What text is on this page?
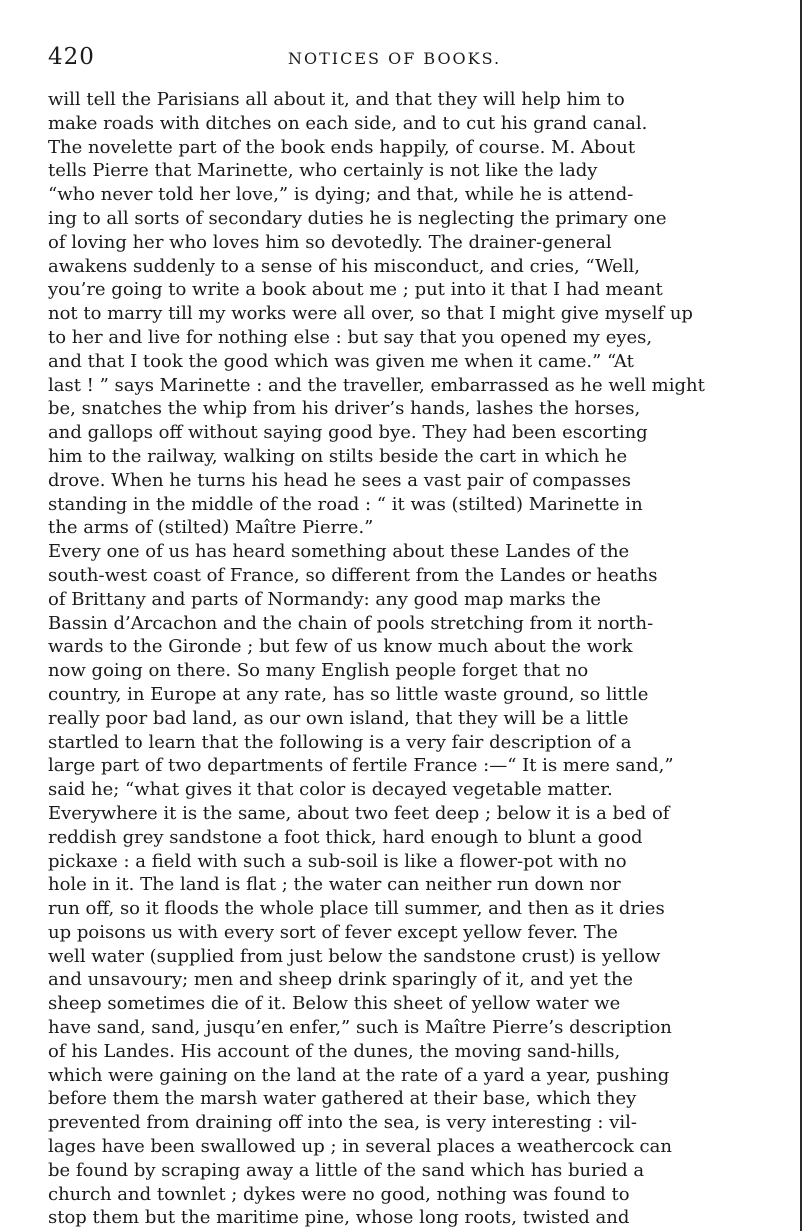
420	NOTICES OF BOOKS.

will tell the Parisians all about it, and that they will help him to
make roads with ditches on each side, and to cut his grand canal.

The novelette part of the book ends happily, of course. M. About
tells Pierre that Marinette, who certainly is not like the lady
“who never told her love,” is dying; and that, while he is attend-
ing to all sorts of secondary duties he is neglecting the primary one
of loving her who loves him so devotedly. The drainer-general
awakens suddenly to a sense of his misconduct, and cries, “Well,
you’re going to write a book about me ; put into it that I had meant
not to marry till my works were all over, so that I might give myself up
to her and live for nothing else : but say that you opened my eyes,
and that I took the good which was given me when it came.” “At
last ! ” says Marinette : and the traveller, embarrassed as he well might
be, snatches the whip from his driver’s hands, lashes the horses,
and gallops off without saying good bye. They had been escorting
him to the railway, walking on stilts beside the cart in which he
drove. When he turns his head he sees a vast pair of compasses
standing in the middle of the road : “ it was (stilted) Marinette in
the arms of (stilted) Maître Pierre.”

Every one of us has heard something about these Landes of the
south-west coast of France, so different from the Landes or heaths
of Brittany and parts of Normandy: any good map marks the
Bassin d’Arcachon and the chain of pools stretching from it north-
wards to the Gironde ; but few of us know much about the work
now going on there. So many English people forget that no
country, in Europe at any rate, has so little waste ground, so little
really poor bad land, as our own island, that they will be a little
startled to learn that the following is a very fair description of a
large part of two departments of fertile France :—“ It is mere sand,”
said he; “what gives it that color is decayed vegetable matter.
Everywhere it is the same, about two feet deep ; below it is a bed of
reddish grey sandstone a foot thick, hard enough to blunt a good
pickaxe : a field with such a sub-soil is like a flower-pot with no
hole in it. The land is flat ; the water can neither run down nor
run off, so it floods the whole place till summer, and then as it dries
up poisons us with every sort of fever except yellow fever. The
well water (supplied from just below the sandstone crust) is yellow
and unsavoury; men and sheep drink sparingly of it, and yet the
sheep sometimes die of it. Below this sheet of yellow water we
have sand, sand, jusqu’en enfer,” such is Maître Pierre’s description
of his Landes. His account of the dunes, the moving sand-hills,
which were gaining on the land at the rate of a yard a year, pushing
before them the marsh water gathered at their base, which they
prevented from draining off into the sea, is very interesting : vil-
lages have been swallowed up ; in several places a weathercock can
be found by scraping away a little of the sand which has buried a
church and townlet ; dykes were no good, nothing was found to
stop them but the maritime pine, whose long roots, twisted and
